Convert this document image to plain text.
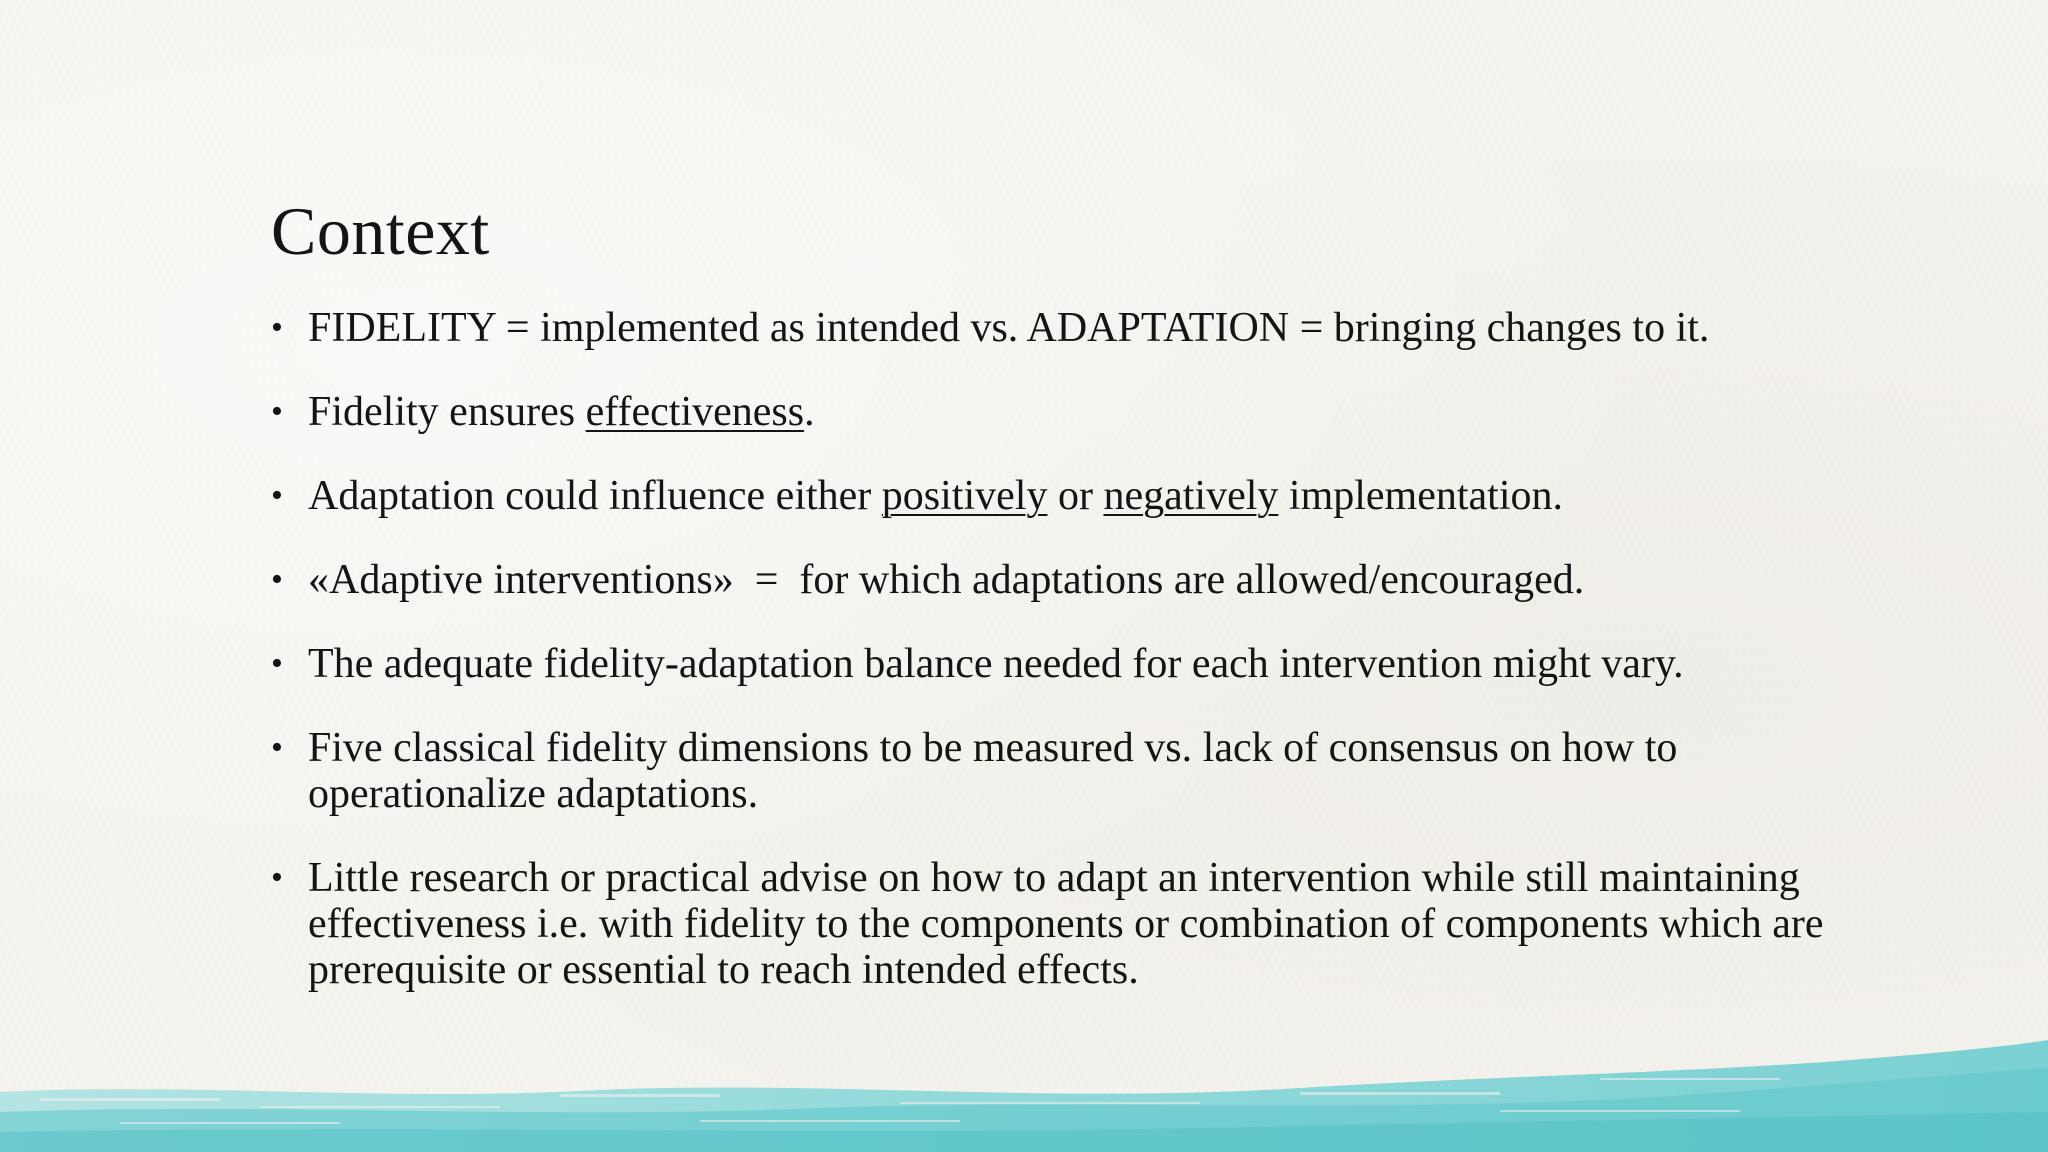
Context
• FIDELITY = implemented as intended vs. ADAPTATION = bringing changes to it.
• Fidelity ensures effectiveness.
• Adaptation could influence either positively or negatively implementation.
• «Adaptive interventions»  =  for which adaptations are allowed/encouraged.
• The adequate fidelity-adaptation balance needed for each intervention might vary.
• Five classical fidelity dimensions to be measured vs. lack of consensus on how to operationalize adaptations.
• Little research or practical advise on how to adapt an intervention while still maintaining effectiveness i.e. with fidelity to the components or combination of components which are prerequisite or essential to reach intended effects.
